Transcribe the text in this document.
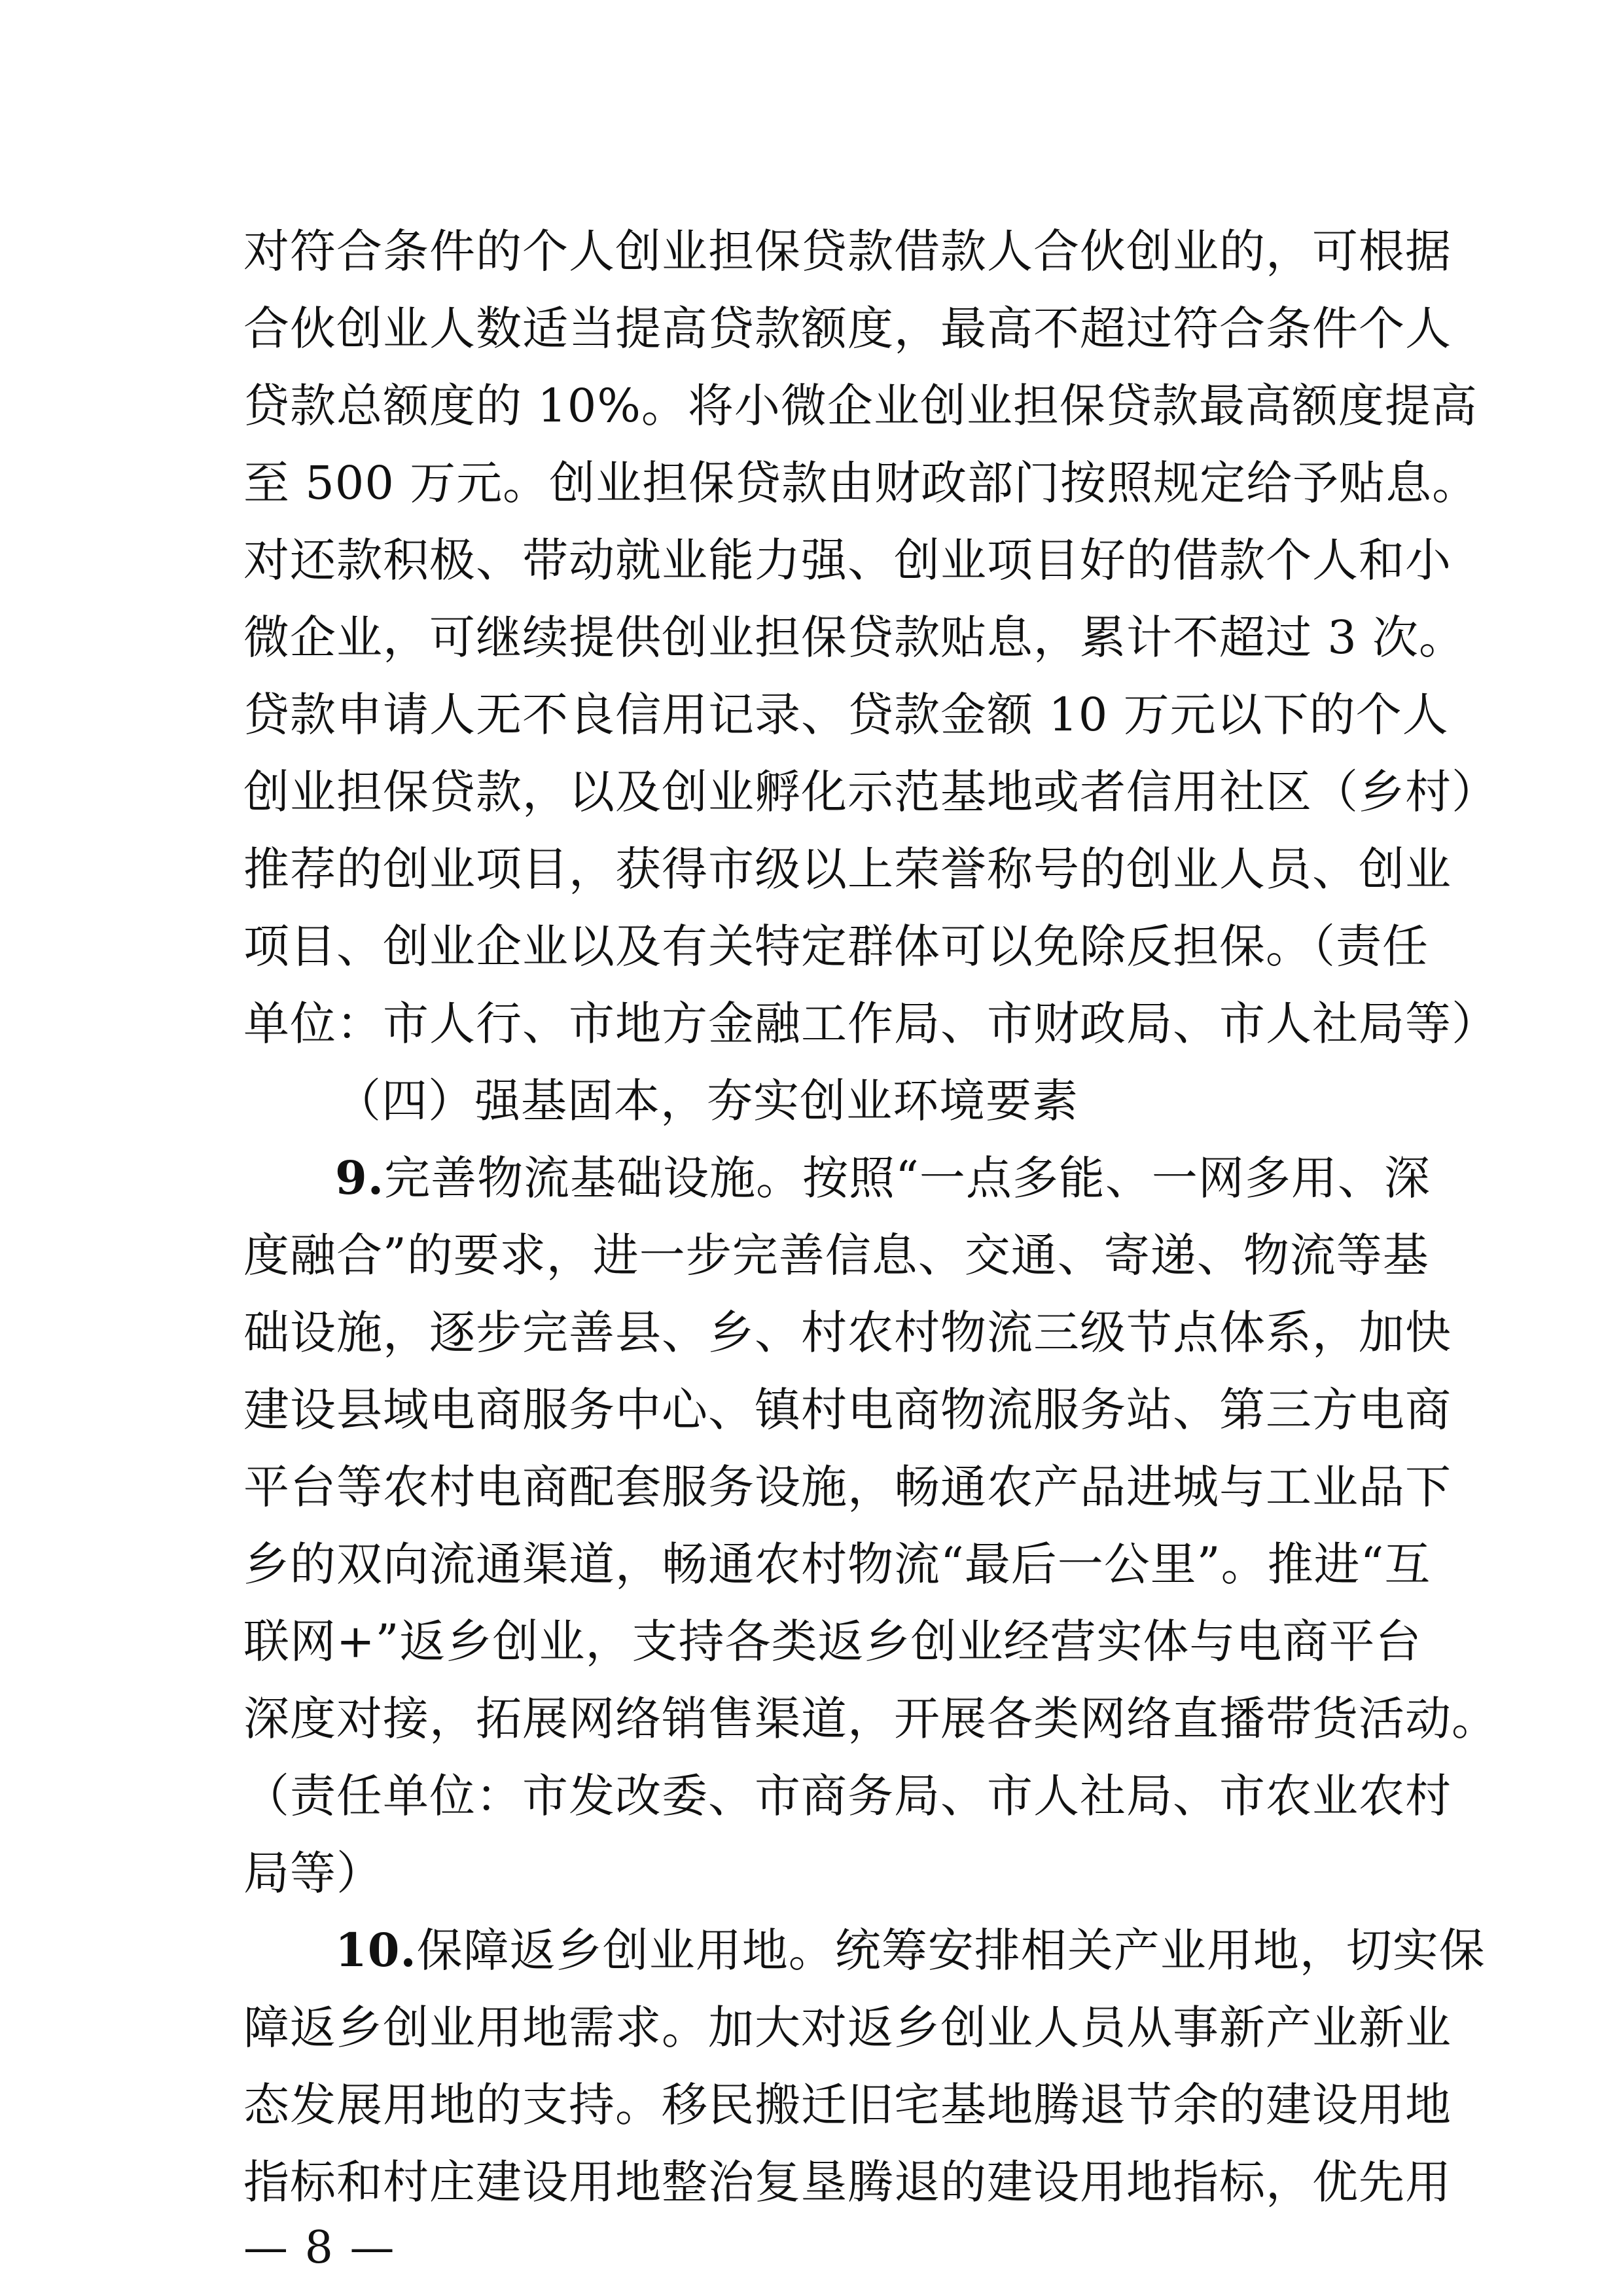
对符合条件的个人创业担保贷款借款人合伙创业的，可根据
合伙创业人数适当提高贷款额度，最高不超过符合条件个人
贷款总额度的 10%。将小微企业创业担保贷款最高额度提高
至 500 万元。创业担保贷款由财政部门按照规定给予贴息。
对还款积极、带动就业能力强、创业项目好的借款个人和小
微企业，可继续提供创业担保贷款贴息，累计不超过 3 次。
贷款申请人无不良信用记录、贷款金额 10 万元以下的个人
创业担保贷款，以及创业孵化示范基地或者信用社区（乡村）
推荐的创业项目，获得市级以上荣誉称号的创业人员、创业
项目、创业企业以及有关特定群体可以免除反担保。（责任
单位：市人行、市地方金融工作局、市财政局、市人社局等）
（四）强基固本，夯实创业环境要素
9.完善物流基础设施。按照“一点多能、一网多用、深
度融合”的要求，进一步完善信息、交通、寄递、物流等基
础设施，逐步完善县、乡、村农村物流三级节点体系，加快
建设县域电商服务中心、镇村电商物流服务站、第三方电商
平台等农村电商配套服务设施，畅通农产品进城与工业品下
乡的双向流通渠道，畅通农村物流“最后一公里”。推进“互
联网+”返乡创业，支持各类返乡创业经营实体与电商平台
深度对接，拓展网络销售渠道，开展各类网络直播带货活动。
（责任单位：市发改委、市商务局、市人社局、市农业农村
局等）
10.保障返乡创业用地。统筹安排相关产业用地，切实保
障返乡创业用地需求。加大对返乡创业人员从事新产业新业
态发展用地的支持。移民搬迁旧宅基地腾退节余的建设用地
指标和村庄建设用地整治复垦腾退的建设用地指标，优先用
— 8 —
